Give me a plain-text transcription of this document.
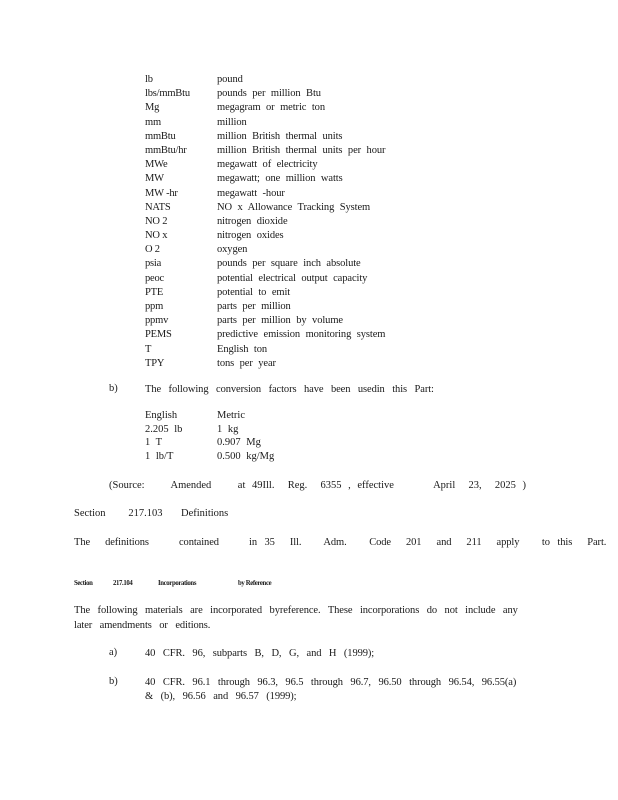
lb	pound
lbs/mmBtu	pounds per million Btu
Mg	megagram or metric ton
mm	million
mmBtu	million British thermal units
mmBtu/hr	million British thermal units per hour
MWe	megawatt of electricity
MW	megawatt; one million watts
MW -hr	megawatt -hour
NATS	NO x Allowance Tracking System
NO 2	nitrogen dioxide
NO x	nitrogen oxides
O 2	oxygen
psia	pounds per square inch absolute
peoc	potential electrical output capacity
PTE	potential to emit
ppm	parts per million
ppmv	parts per million by volume
PEMS	predictive emission monitoring system
T	English ton
TPY	tons per year
b)	The following conversion factors have been usedin this Part:
English	Metric
2.205 lb	1 kg
1 T	0.907 Mg
1 lb/T	0.500 kg/Mg
(Source:    Amended    at 49Ill.  Reg.  6355 , effective      April  23,  2025 )
Section   217.103 Definitions
The  definitions    contained    in 35  Ill.   Adm.   Code  201  and  211  apply   to this  Part.
Section	217.104	Incorporations	by Reference
The following materials are incorporated byreference. These incorporations do not include any later amendments or editions.
a)	40 CFR. 96, subparts B, D, G, and H (1999);
b)	40 CFR. 96.1 through 96.3, 96.5 through 96.7, 96.50 through 96.54, 96.55(a) & (b), 96.56 and 96.57 (1999);
